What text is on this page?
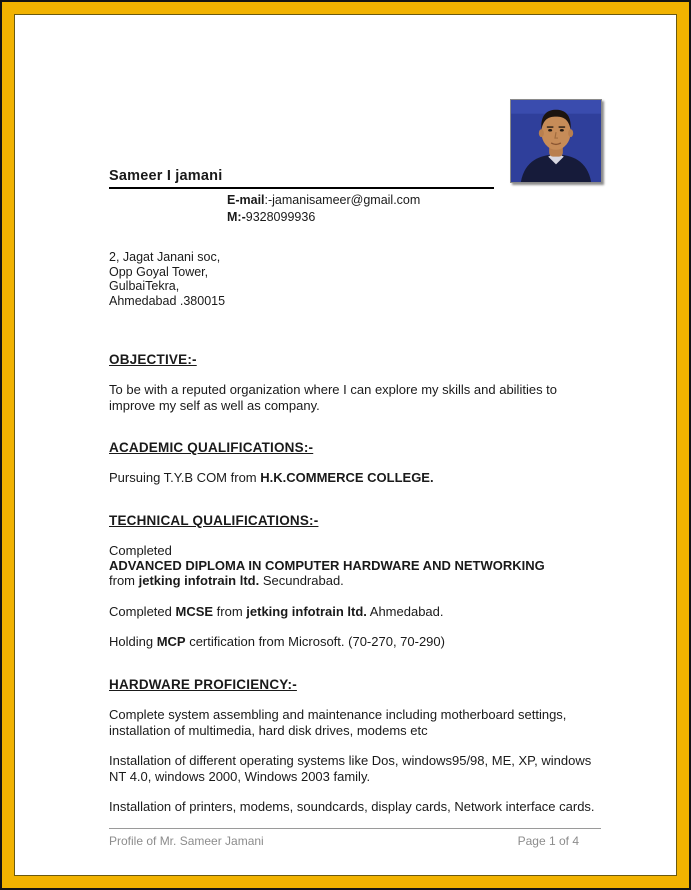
Sameer I jamani
E-mail:-jamanisameer@gmail.com
M:-9328099936
2, Jagat Janani soc,
Opp Goyal Tower,
GulbaiTekra,
Ahmedabad .380015
OBJECTIVE:-
To be with a reputed organization where I can explore my skills and abilities to improve my self as well as company.
ACADEMIC QUALIFICATIONS:-
Pursuing T.Y.B COM from H.K.COMMERCE COLLEGE.
TECHNICAL QUALIFICATIONS:-
Completed
ADVANCED DIPLOMA IN COMPUTER HARDWARE AND NETWORKING
from jetking infotrain ltd. Secundrabad.
Completed MCSE from jetking infotrain ltd. Ahmedabad.
Holding MCP certification from Microsoft. (70-270, 70-290)
HARDWARE PROFICIENCY:-
Complete system assembling and maintenance including motherboard settings, installation of multimedia, hard disk drives, modems etc
Installation of different operating systems like Dos, windows95/98, ME, XP, windows NT 4.0, windows 2000, Windows 2003 family.
Installation of printers, modems, soundcards, display cards, Network interface cards.
Profile of Mr. Sameer Jamani	Page 1 of 4
